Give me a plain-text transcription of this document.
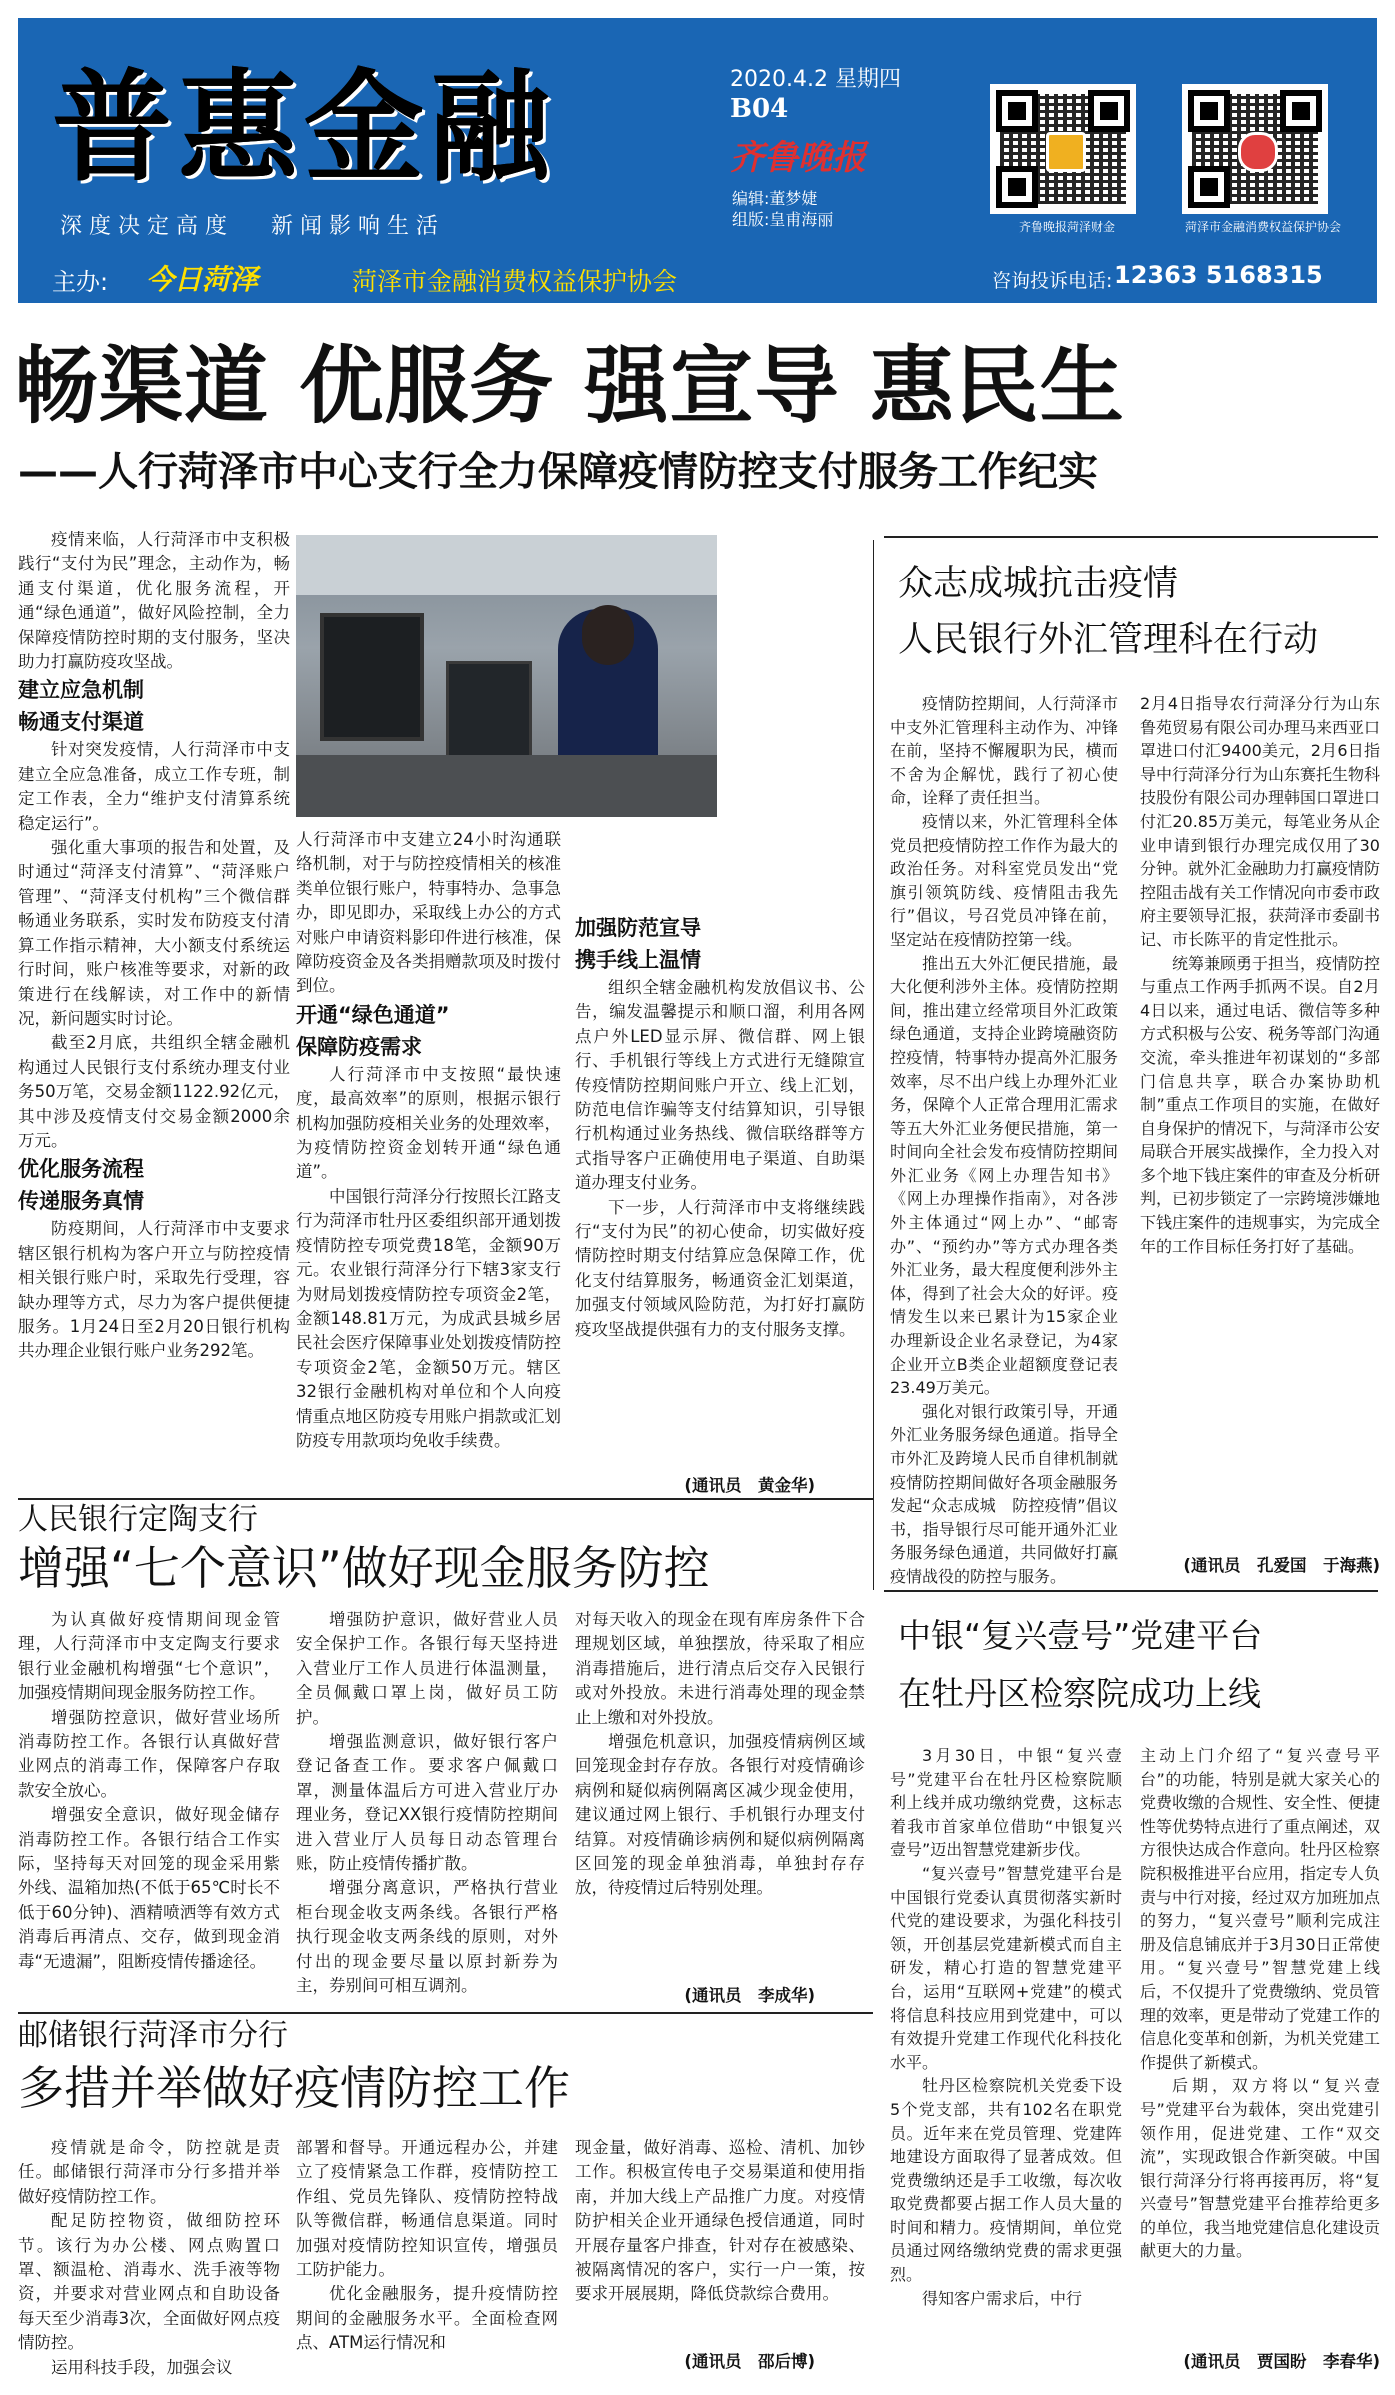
普惠金融
深 度 决 定 高 度　　新 闻 影 响 生 活
2020.4.2 星期四
B04
齐鲁晚报
编辑:董梦婕
组版:皇甫海丽	齐鲁晚报菏泽财金	菏泽市金融消费权益保护协会
主办:	今日菏泽	菏泽市金融消费权益保护协会	咨询投诉电话: 12363 5168315
畅渠道 优服务 强宣导 惠民生
——人行菏泽市中心支行全力保障疫情防控支付服务工作纪实

疫情来临，人行菏泽市中支积极践行“支付为民”理念，主动作为，畅通支付渠道，优化服务流程，开通“绿色通道”，做好风险控制，全力保障疫情防控时期的支付服务，坚决助力打赢防疫攻坚战。

建立应急机制
畅通支付渠道

针对突发疫情，人行菏泽市中支建立全应急准备，成立工作专班，制定工作表，全力“维护支付清算系统稳定运行”。

强化重大事项的报告和处置，及时通过“菏泽支付清算”、“菏泽账户管理”、“菏泽支付机构”三个微信群畅通业务联系，实时发布防疫支付清算工作指示精神，大小额支付系统运行时间，账户核准等要求，对新的政策进行在线解读，对工作中的新情况，新问题实时讨论。

截至2月底，共组织全辖金融机构通过人民银行支付系统办理支付业务50万笔，交易金额1122.92亿元，其中涉及疫情支付交易金额2000余万元。

优化服务流程
传递服务真情

防疫期间，人行菏泽市中支要求辖区银行机构为客户开立与防控疫情相关银行账户时，采取先行受理，容缺办理等方式，尽力为客户提供便捷服务。1月24日至2月20日银行机构共办理企业银行账户业务292笔。

人行菏泽市中支建立24小时沟通联络机制，对于与防控疫情相关的核准类单位银行账户，特事特办、急事急办，即见即办，采取线上办公的方式对账户申请资料影印件进行核准，保障防疫资金及各类捐赠款项及时拨付到位。

开通“绿色通道”
保障防疫需求

人行菏泽市中支按照“最快速度，最高效率”的原则，根据示银行机构加强防疫相关业务的处理效率，为疫情防控资金划转开通“绿色通道”。

中国银行菏泽分行按照长江路支行为菏泽市牡丹区委组织部开通划拨疫情防控专项党费18笔，金额90万元。农业银行菏泽分行下辖3家支行为财局划拨疫情防控专项资金2笔，金额148.81万元，为成武县城乡居民社会医疗保障事业处划拨疫情防控专项资金2笔，金额50万元。辖区32银行金融机构对单位和个人向疫情重点地区防疫专用账户捐款或汇划防疫专用款项均免收手续费。

加强防范宣导
携手线上温情

组织全辖金融机构发放倡议书、公告，编发温馨提示和顺口溜，利用各网点户外LED显示屏、微信群、网上银行、手机银行等线上方式进行无缝隙宣传疫情防控期间账户开立、线上汇划，防范电信诈骗等支付结算知识，引导银行机构通过业务热线、微信联络群等方式指导客户正确使用电子渠道、自助渠道办理支付业务。

下一步，人行菏泽市中支将继续践行“支付为民”的初心使命，切实做好疫情防控时期支付结算应急保障工作，优化支付结算服务，畅通资金汇划渠道，加强支付领域风险防范，为打好打赢防疫攻坚战提供强有力的支付服务支撑。

(通讯员　黄金华)
众志成城抗击疫情
人民银行外汇管理科在行动

疫情防控期间，人行菏泽市中支外汇管理科主动作为、冲锋在前，坚持不懈履职为民，横而不舍为企解忧，践行了初心使命，诠释了责任担当。

疫情以来，外汇管理科全体党员把疫情防控工作作为最大的政治任务。对科室党员发出“党旗引领筑防线、疫情阻击我先行”倡议，号召党员冲锋在前，坚定站在疫情防控第一线。

推出五大外汇便民措施，最大化便利涉外主体。疫情防控期间，推出建立经常项目外汇政策绿色通道，支持企业跨境融资防控疫情，特事特办提高外汇服务效率，尽不出户线上办理外汇业务，保障个人正常合理用汇需求等五大外汇业务便民措施，第一时间向全社会发布疫情防控期间外汇业务《网上办理告知书》《网上办理操作指南》，对各涉外主体通过“网上办”、“邮寄办”、“预约办”等方式办理各类外汇业务，最大程度便利涉外主体，得到了社会大众的好评。疫情发生以来已累计为15家企业办理新设企业名录登记，为4家企业开立B类企业超额度登记表23.49万美元。

强化对银行政策引导，开通外汇业务服务绿色通道。指导全市外汇及跨境人民币自律机制就疫情防控期间做好各项金融服务发起“众志成城　防控疫情”倡议书，指导银行尽可能开通外汇业务服务绿色通道，共同做好打赢疫情战役的防控与服务。

2月4日指导农行菏泽分行为山东鲁苑贸易有限公司办理马来西亚口罩进口付汇9400美元，2月6日指导中行菏泽分行为山东赛托生物科技股份有限公司办理韩国口罩进口付汇20.85万美元，每笔业务从企业申请到银行办理完成仅用了30分钟。就外汇金融助力打赢疫情防控阻击战有关工作情况向市委市政府主要领导汇报，获菏泽市委副书记、市长陈平的肯定性批示。

统筹兼顾勇于担当，疫情防控与重点工作两手抓两不误。自2月4日以来，通过电话、微信等多种方式积极与公安、税务等部门沟通交流，牵头推进年初谋划的“多部门信息共享，联合办案协助机制”重点工作项目的实施，在做好自身保护的情况下，与菏泽市公安局联合开展实战操作，全力投入对多个地下钱庄案件的审查及分析研判，已初步锁定了一宗跨境涉嫌地下钱庄案件的违规事实，为完成全年的工作目标任务打好了基础。

(通讯员　孔爱国　于海燕)
人民银行定陶支行
增强“七个意识”做好现金服务防控

为认真做好疫情期间现金管理，人行菏泽市中支定陶支行要求银行业金融机构增强“七个意识”，加强疫情期间现金服务防控工作。

增强防控意识，做好营业场所消毒防控工作。各银行认真做好营业网点的消毒工作，保障客户存取款安全放心。

增强安全意识，做好现金储存消毒防控工作。各银行结合工作实际，坚持每天对回笼的现金采用紫外线、温箱加热(不低于65℃时长不低于60分钟)、酒精喷洒等有效方式消毒后再清点、交存，做到现金消毒“无遗漏”，阻断疫情传播途径。

增强防护意识，做好营业人员安全保护工作。各银行每天坚持进入营业厅工作人员进行体温测量，全员佩戴口罩上岗，做好员工防护。

增强监测意识，做好银行客户登记备查工作。要求客户佩戴口罩，测量体温后方可进入营业厅办理业务，登记XX银行疫情防控期间进入营业厅人员每日动态管理台账，防止疫情传播扩散。

增强分离意识，严格执行营业柜台现金收支两条线。各银行严格执行现金收支两条线的原则，对外付出的现金要尽量以原封新券为主，券别间可相互调剂。

对每天收入的现金在现有库房条件下合理规划区域，单独摆放，待采取了相应消毒措施后，进行清点后交存入民银行或对外投放。未进行消毒处理的现金禁止上缴和对外投放。

增强危机意识，加强疫情病例区域回笼现金封存存放。各银行对疫情确诊病例和疑似病例隔离区减少现金使用，建议通过网上银行、手机银行办理支付结算。对疫情确诊病例和疑似病例隔离区回笼的现金单独消毒，单独封存存放，待疫情过后特别处理。

(通讯员　李成华)
邮储银行菏泽市分行
多措并举做好疫情防控工作

疫情就是命令，防控就是责任。邮储银行菏泽市分行多措并举做好疫情防控工作。

配足防控物资，做细防控环节。该行为办公楼、网点购置口罩、额温枪、消毒水、洗手液等物资，并要求对营业网点和自助设备每天至少消毒3次，全面做好网点疫情防控。

运用科技手段，加强会议

部署和督导。开通远程办公，并建立了疫情紧急工作群，疫情防控工作组、党员先锋队、疫情防控特战队等微信群，畅通信息渠道。同时加强对疫情防控知识宣传，增强员工防护能力。

优化金融服务，提升疫情防控期间的金融服务水平。全面检查网点、ATM运行情况和

现金量，做好消毒、巡检、清机、加钞工作。积极宣传电子交易渠道和使用指南，并加大线上产品推广力度。对疫情防护相关企业开通绿色授信通道，同时开展存量客户排查，针对存在被感染、被隔离情况的客户，实行一户一策，按要求开展展期，降低贷款综合费用。

(通讯员　邵后博)
中银“复兴壹号”党建平台
在牡丹区检察院成功上线

3月30日，中银“复兴壹号”党建平台在牡丹区检察院顺利上线并成功缴纳党费，这标志着我市首家单位借助“中银复兴壹号”迈出智慧党建新步伐。

“复兴壹号”智慧党建平台是中国银行党委认真贯彻落实新时代党的建设要求，为强化科技引领，开创基层党建新模式而自主研发，精心打造的智慧党建平台，运用“互联网+党建”的模式将信息科技应用到党建中，可以有效提升党建工作现代化科技化水平。

牡丹区检察院机关党委下设5个党支部，共有102名在职党员。近年来在党员管理、党建阵地建设方面取得了显著成效。但党费缴纳还是手工收缴，每次收取党费都要占据工作人员大量的时间和精力。疫情期间，单位党员通过网络缴纳党费的需求更强烈。

得知客户需求后，中行

主动上门介绍了“复兴壹号平台”的功能，特别是就大家关心的党费收缴的合规性、安全性、便捷性等优势特点进行了重点阐述，双方很快达成合作意向。牡丹区检察院积极推进平台应用，指定专人负责与中行对接，经过双方加班加点的努力，“复兴壹号”顺利完成注册及信息铺底并于3月30日正常使用。“复兴壹号”智慧党建上线后，不仅提升了党费缴纳、党员管理的效率，更是带动了党建工作的信息化变革和创新，为机关党建工作提供了新模式。

后期，双方将以“复兴壹号”党建平台为载体，突出党建引领作用，促进党建、工作“双交流”，实现政银合作新突破。中国银行菏泽分行将再接再厉，将“复兴壹号”智慧党建平台推荐给更多的单位，我当地党建信息化建设贡献更大的力量。

(通讯员　贾国盼　李春华)
